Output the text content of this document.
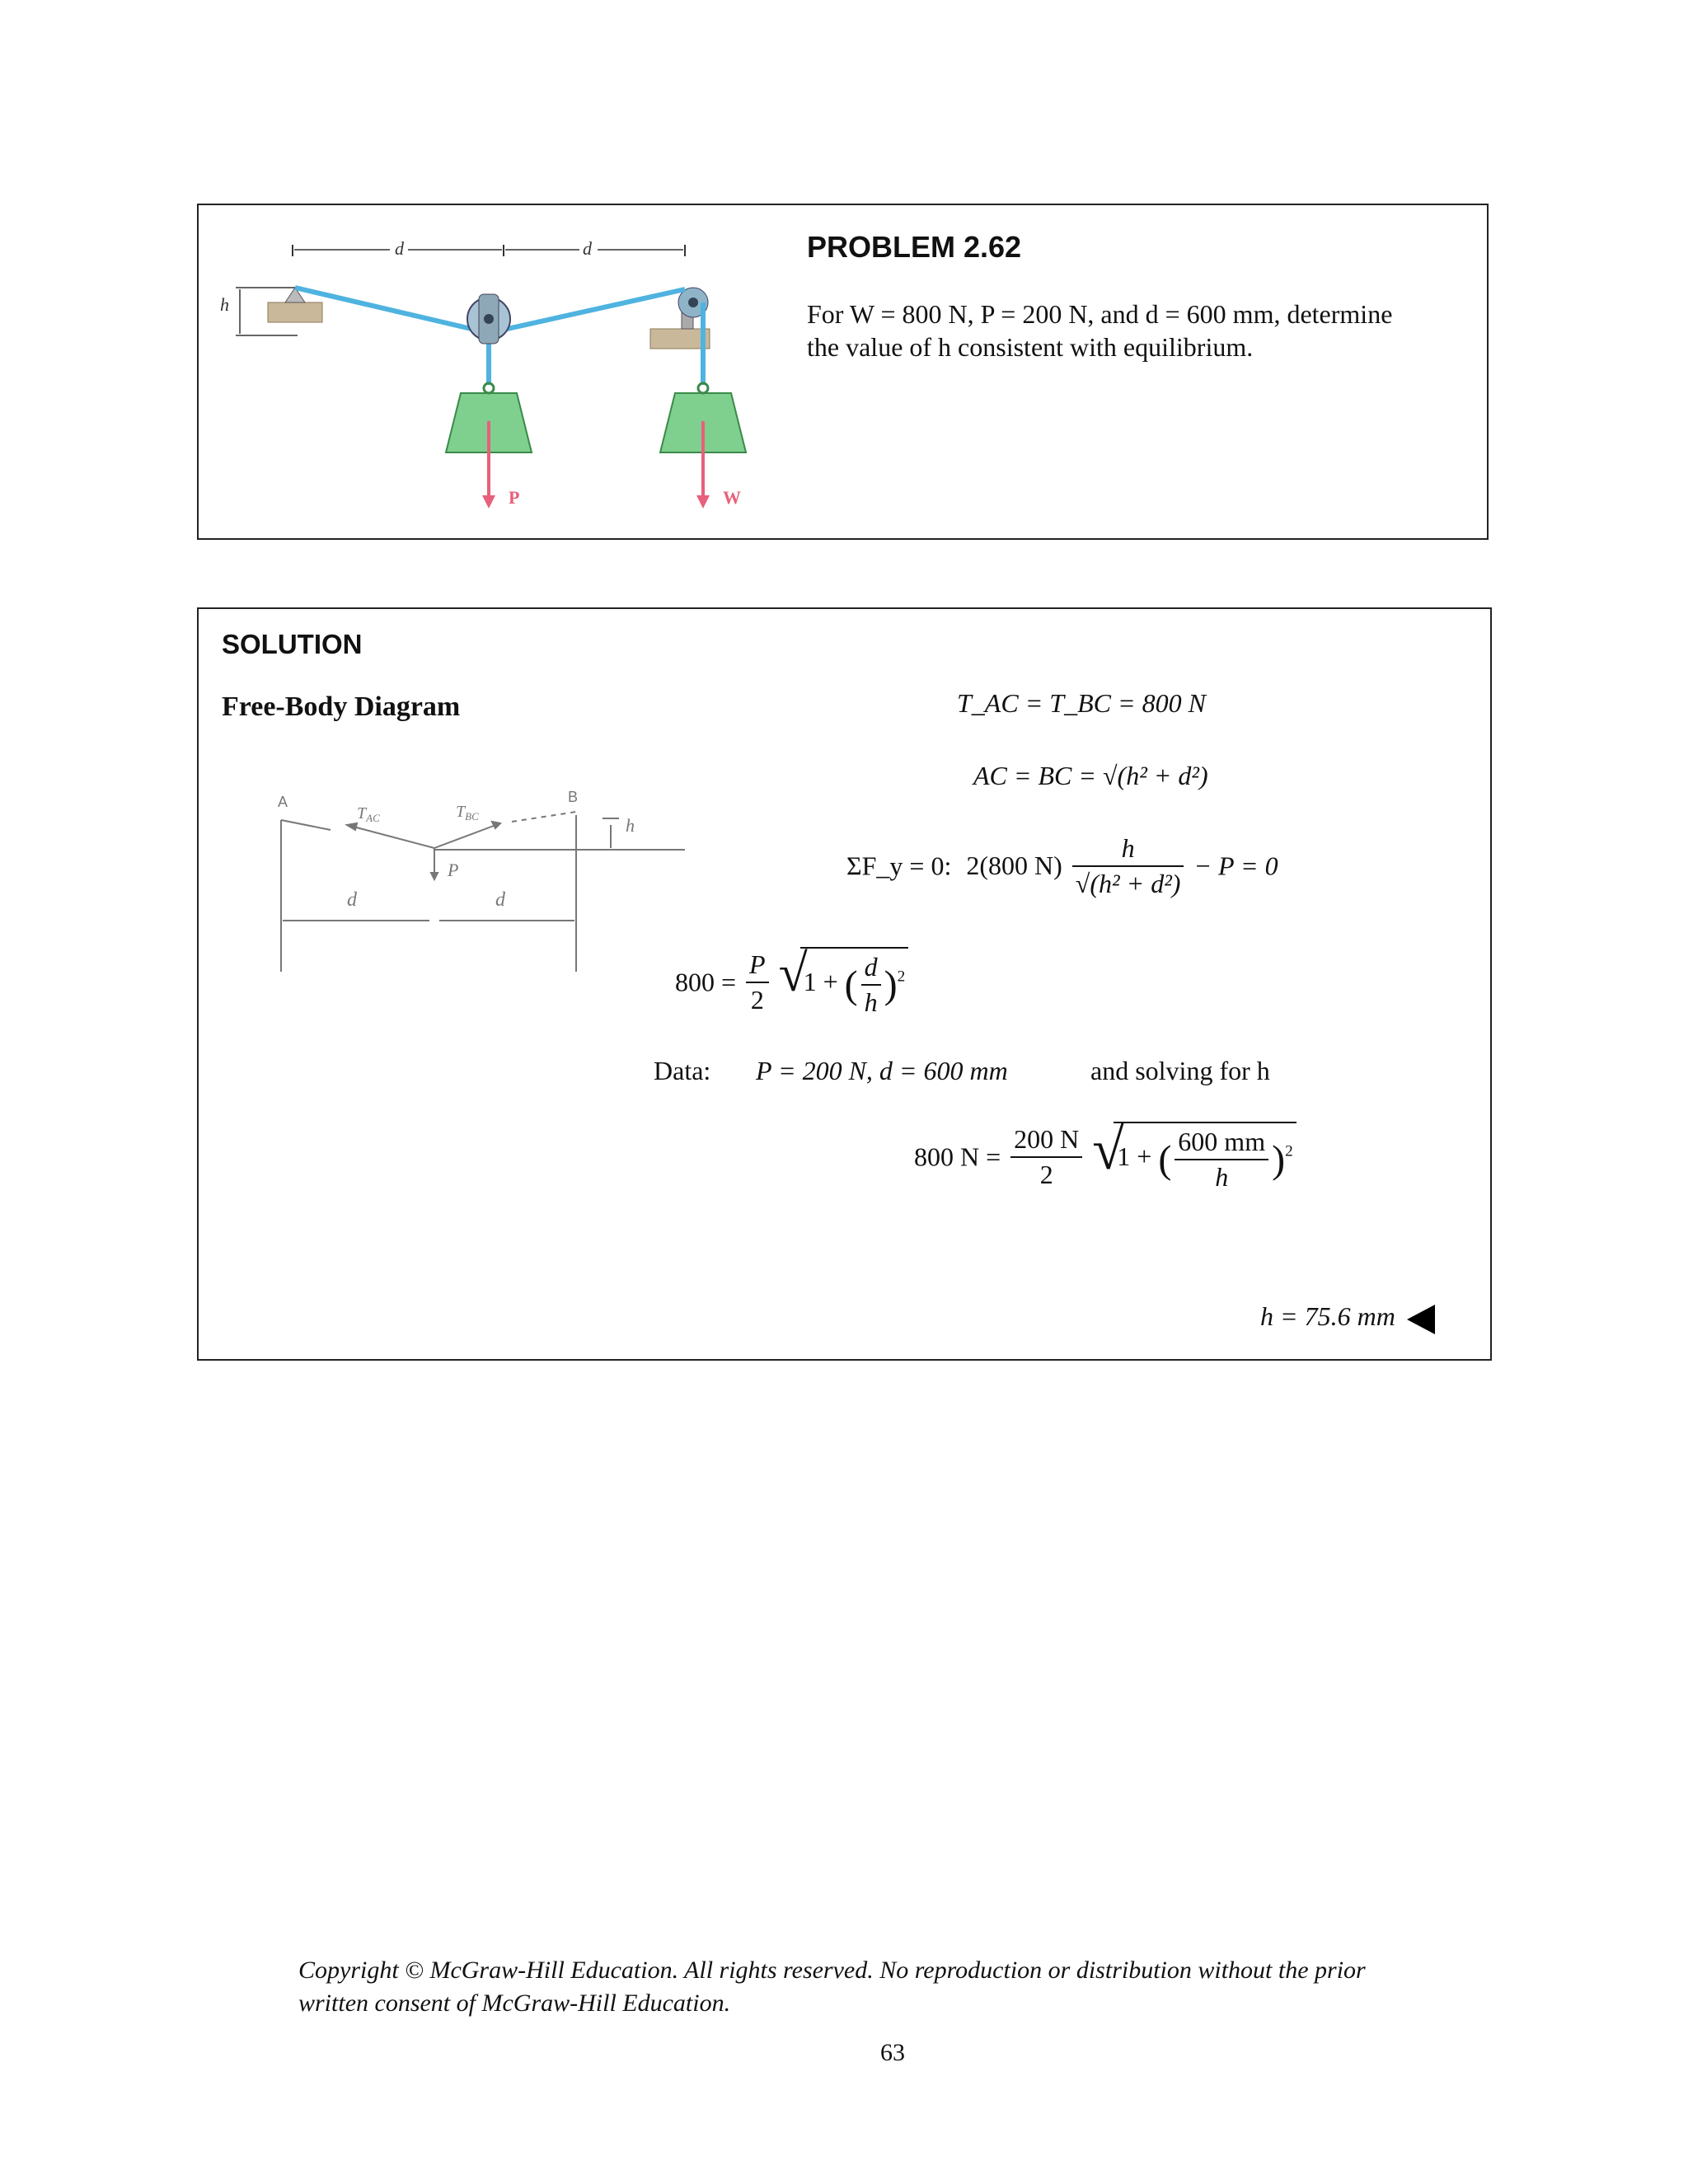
d	d
h
P	W
PROBLEM 2.62
For W = 800 N, P = 200 N, and d = 600 mm, determine
the value of h consistent with equilibrium.
SOLUTION
Free-Body Diagram
A	B
$T_{AC}$	$T_{BC}$
P
d	d
h
T_AC = T_BC = 800 N
AC = BC = √(h² + d²)
ΣF_y = 0: 2(800 $N) \frac{h}{\text{√(h² + d²)}} - P = 0$
$800 = \frac{P}{2}$
√
1 + ( $\frac{d}{h} )^2$
Data: P = 200 N, d = 600 mm	and solving for h
800 $N = \frac{200 N}{2}$
√
1 + ( $\frac{600 mm}{h} )^2$
h = 75.6 mm
Copyright © McGraw-Hill Education. All rights reserved. No reproduction or distribution without the prior
written consent of McGraw-Hill Education.
63
